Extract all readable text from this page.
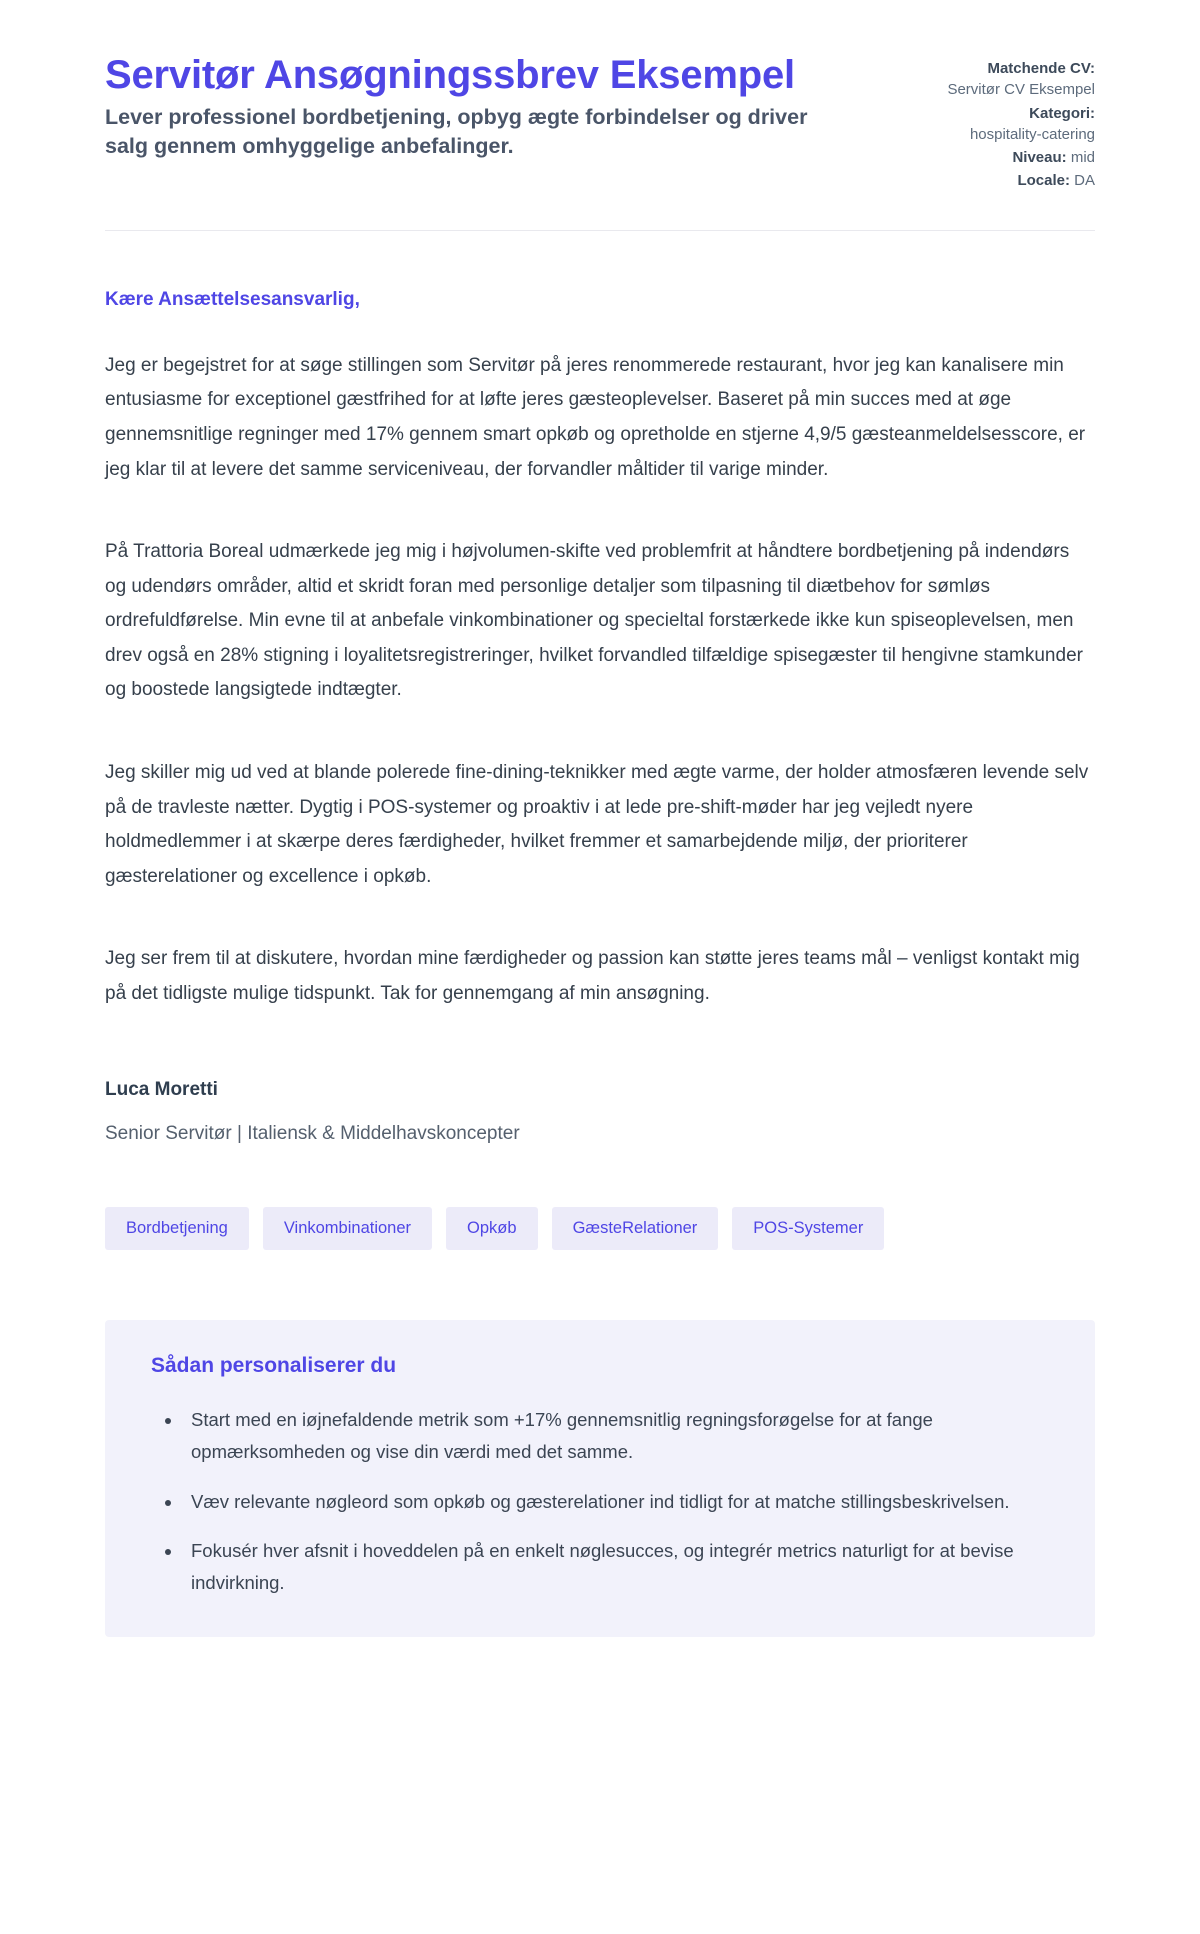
Servitør Ansøgningssbrev Eksempel

Lever professionel bordbetjening, opbyg ægte forbindelser og driver salg gennem omhyggelige anbefalinger.

Matchende CV:
Servitør CV Eksempel
Kategori:
hospitality-catering
Niveau: mid
Locale: DA

Kære Ansættelsesansvarlig,

Jeg er begejstret for at søge stillingen som Servitør på jeres renommerede restaurant, hvor jeg kan kanalisere min entusiasme for exceptionel gæstfrihed for at løfte jeres gæsteoplevelser. Baseret på min succes med at øge gennemsnitlige regninger med 17% gennem smart opkøb og opretholde en stjerne 4,9/5 gæsteanmeldelsesscore, er jeg klar til at levere det samme serviceniveau, der forvandler måltider til varige minder.

På Trattoria Boreal udmærkede jeg mig i højvolumen-skifte ved problemfrit at håndtere bordbetjening på indendørs og udendørs områder, altid et skridt foran med personlige detaljer som tilpasning til diætbehov for sømløs ordrefuldførelse. Min evne til at anbefale vinkombinationer og specieltal forstærkede ikke kun spiseoplevelsen, men drev også en 28% stigning i loyalitetsregistreringer, hvilket forvandled tilfældige spisegæster til hengivne stamkunder og boostede langsigtede indtægter.

Jeg skiller mig ud ved at blande polerede fine-dining-teknikker med ægte varme, der holder atmosfæren levende selv på de travleste nætter. Dygtig i POS-systemer og proaktiv i at lede pre-shift-møder har jeg vejledt nyere holdmedlemmer i at skærpe deres færdigheder, hvilket fremmer et samarbejdende miljø, der prioriterer gæsterelationer og excellence i opkøb.

Jeg ser frem til at diskutere, hvordan mine færdigheder og passion kan støtte jeres teams mål – venligst kontakt mig på det tidligste mulige tidspunkt. Tak for gennemgang af min ansøgning.

Luca Moretti

Senior Servitør | Italiensk & Middelhavskoncepter

Bordbetjening	Vinkombinationer	Opkøb	GæsteRelationer	POS-Systemer
Sådan personaliserer du
• Start med en iøjnefaldende metrik som +17% gennemsnitlig regningsforøgelse for at fange opmærksomheden og vise din værdi med det samme.
• Væv relevante nøgleord som opkøb og gæsterelationer ind tidligt for at matche stillingsbeskrivelsen.
• Fokusér hver afsnit i hoveddelen på en enkelt nøglesucces, og integrér metrics naturligt for at bevise indvirkning.
